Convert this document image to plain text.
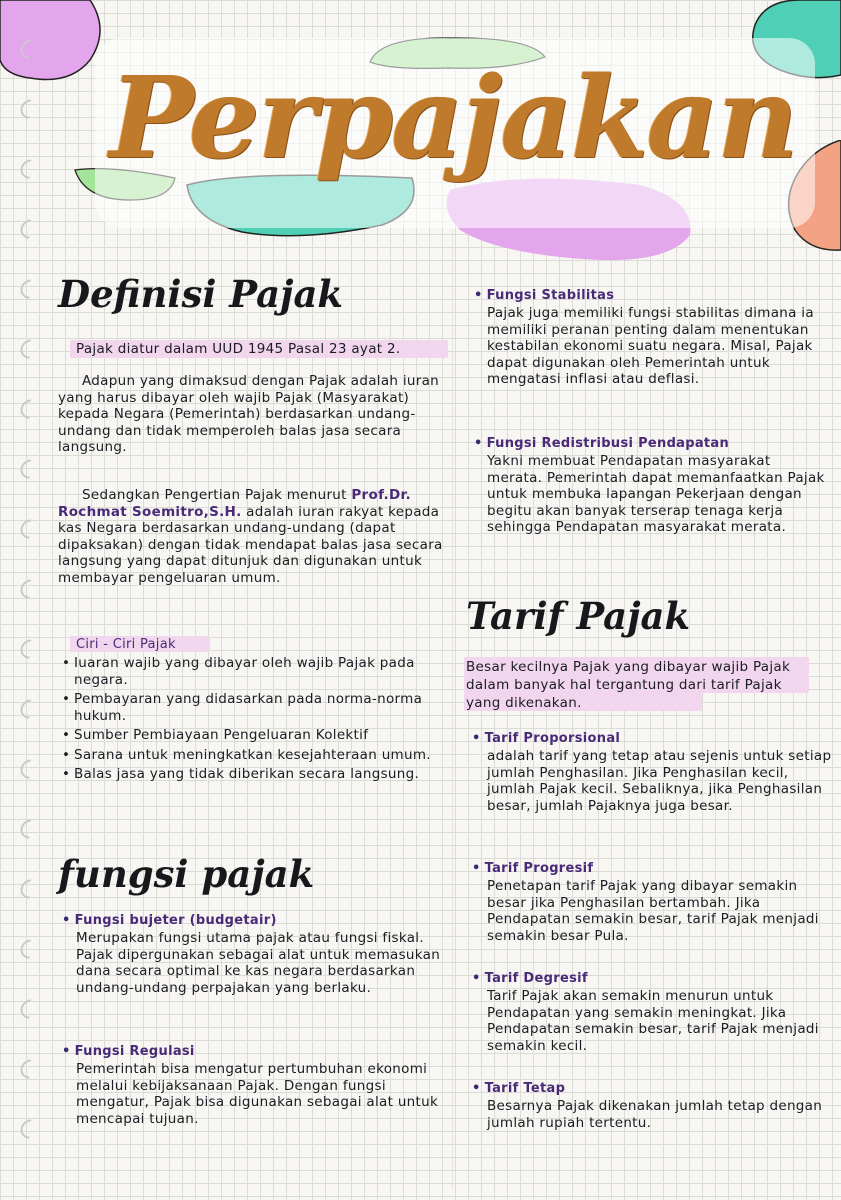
Perpajakan
Definisi Pajak
Pajak diatur dalam UUD 1945 Pasal 23 ayat 2.
Adapun yang dimaksud dengan Pajak adalah iuran yang harus dibayar oleh wajib Pajak (Masyarakat) kepada Negara (Pemerintah) berdasarkan undang-undang dan tidak memperoleh balas jasa secara langsung.
Sedangkan Pengertian Pajak menurut Prof.Dr. Rochmat Soemitro,S.H. adalah iuran rakyat kepada kas Negara berdasarkan undang-undang (dapat dipaksakan) dengan tidak mendapat balas jasa secara langsung yang dapat ditunjuk dan digunakan untuk membayar pengeluaran umum.
Ciri - Ciri Pajak
• Iuaran wajib yang dibayar oleh wajib Pajak pada negara.
• Pembayaran yang didasarkan pada norma-norma hukum.
• Sumber Pembiayaan Pengeluaran Kolektif
• Sarana untuk meningkatkan kesejahteraan umum.
• Balas jasa yang tidak diberikan secara langsung.
fungsi pajak
• Fungsi bujeter (budgetair)
Merupakan fungsi utama pajak atau fungsi fiskal. Pajak dipergunakan sebagai alat untuk memasukan dana secara optimal ke kas negara berdasarkan undang-undang perpajakan yang berlaku.
• Fungsi Regulasi
Pemerintah bisa mengatur pertumbuhan ekonomi melalui kebijaksanaan Pajak. Dengan fungsi mengatur, Pajak bisa digunakan sebagai alat untuk mencapai tujuan.
• Fungsi Stabilitas
Pajak juga memiliki fungsi stabilitas dimana ia memiliki peranan penting dalam menentukan kestabilan ekonomi suatu negara. Misal, Pajak dapat digunakan oleh Pemerintah untuk mengatasi inflasi atau deflasi.
• Fungsi Redistribusi Pendapatan
Yakni membuat Pendapatan masyarakat merata. Pemerintah dapat memanfaatkan Pajak untuk membuka lapangan Pekerjaan dengan begitu akan banyak terserap tenaga kerja sehingga Pendapatan masyarakat merata.
Tarif Pajak
Besar kecilnya Pajak yang dibayar wajib Pajak dalam banyak hal tergantung dari tarif Pajak yang dikenakan.
• Tarif Proporsional
adalah tarif yang tetap atau sejenis untuk setiap jumlah Penghasilan. Jika Penghasilan kecil, jumlah Pajak kecil. Sebaliknya, jika Penghasilan besar, jumlah Pajaknya juga besar.
• Tarif Progresif
Penetapan tarif Pajak yang dibayar semakin besar jika Penghasilan bertambah. Jika Pendapatan semakin besar, tarif Pajak menjadi semakin besar Pula.
• Tarif Degresif
Tarif Pajak akan semakin menurun untuk Pendapatan yang semakin meningkat. Jika Pendapatan semakin besar, tarif Pajak menjadi semakin kecil.
• Tarif Tetap
Besarnya Pajak dikenakan jumlah tetap dengan jumlah rupiah tertentu.
